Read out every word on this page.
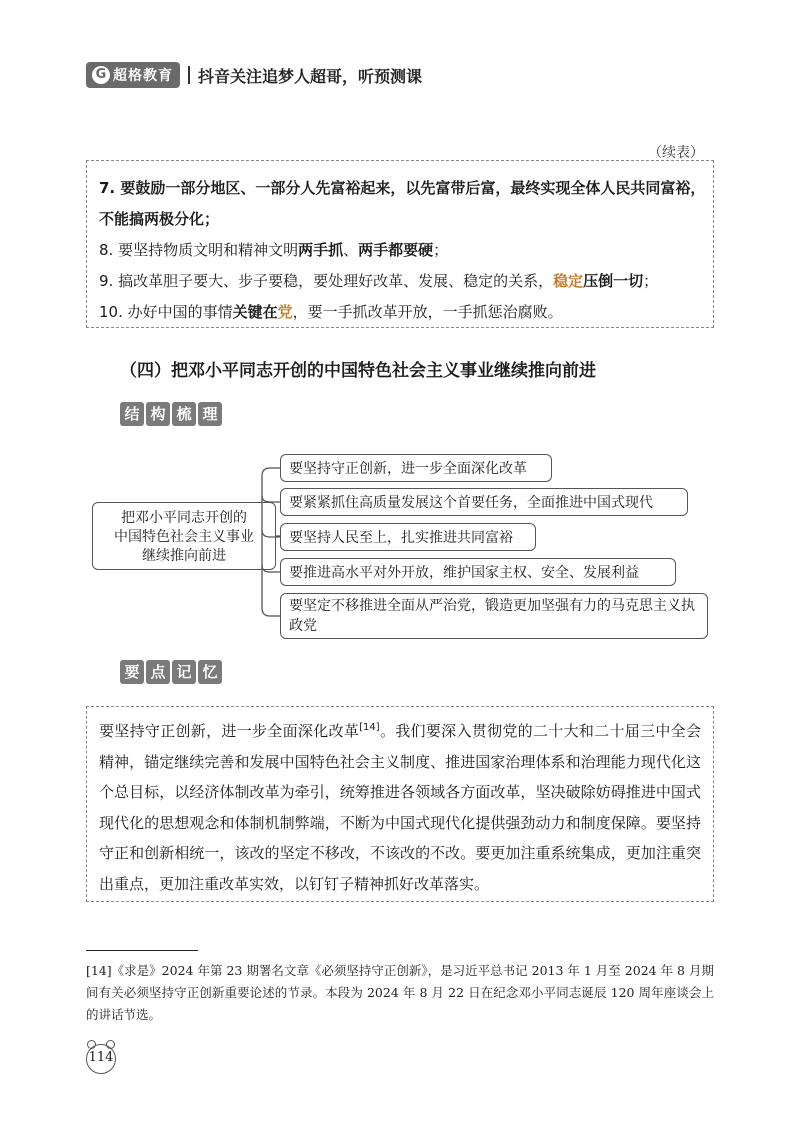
G 超格教育 抖音关注追梦人超哥，听预测课
（续表）
7. 要鼓励一部分地区、一部分人先富裕起来，以先富带后富，最终实现全体人民共同富裕，
不能搞两极分化；
8. 要坚持物质文明和精神文明两手抓、两手都要硬；
9. 搞改革胆子要大、步子要稳，要处理好改革、发展、稳定的关系，稳定压倒一切；
10. 办好中国的事情关键在党，要一手抓改革开放，一手抓惩治腐败。
（四）把邓小平同志开创的中国特色社会主义事业继续推向前进
结 构 梳 理
把邓小平同志开创的
中国特色社会主义事业
继续推向前进
要坚持守正创新，进一步全面深化改革
要紧紧抓住高质量发展这个首要任务，全面推进中国式现代
要坚持人民至上，扎实推进共同富裕
要推进高水平对外开放，维护国家主权、安全、发展利益
要坚定不移推进全面从严治党，锻造更加坚强有力的马克思主义执政党
要 点 记 忆

要坚持守正创新，进一步全面深化改革[14]。我们要深入贯彻党的二十大和二十届三中全会精神，锚定继续完善和发展中国特色社会主义制度、推进国家治理体系和治理能力现代化这个总目标，以经济体制改革为牵引，统筹推进各领域各方面改革，坚决破除妨碍推进中国式现代化的思想观念和体制机制弊端，不断为中国式现代化提供强劲动力和制度保障。要坚持守正和创新相统一，该改的坚定不移改，不该改的不改。要更加注重系统集成，更加注重突出重点，更加注重改革实效，以钉钉子精神抓好改革落实。

[14]《求是》2024 年第 23 期署名文章《必须坚持守正创新》，是习近平总书记 2013 年 1 月至 2024 年 8 月期间有关必须坚持守正创新重要论述的节录。本段为 2024 年 8 月 22 日在纪念邓小平同志诞辰 120 周年座谈会上的讲话节选。
114
